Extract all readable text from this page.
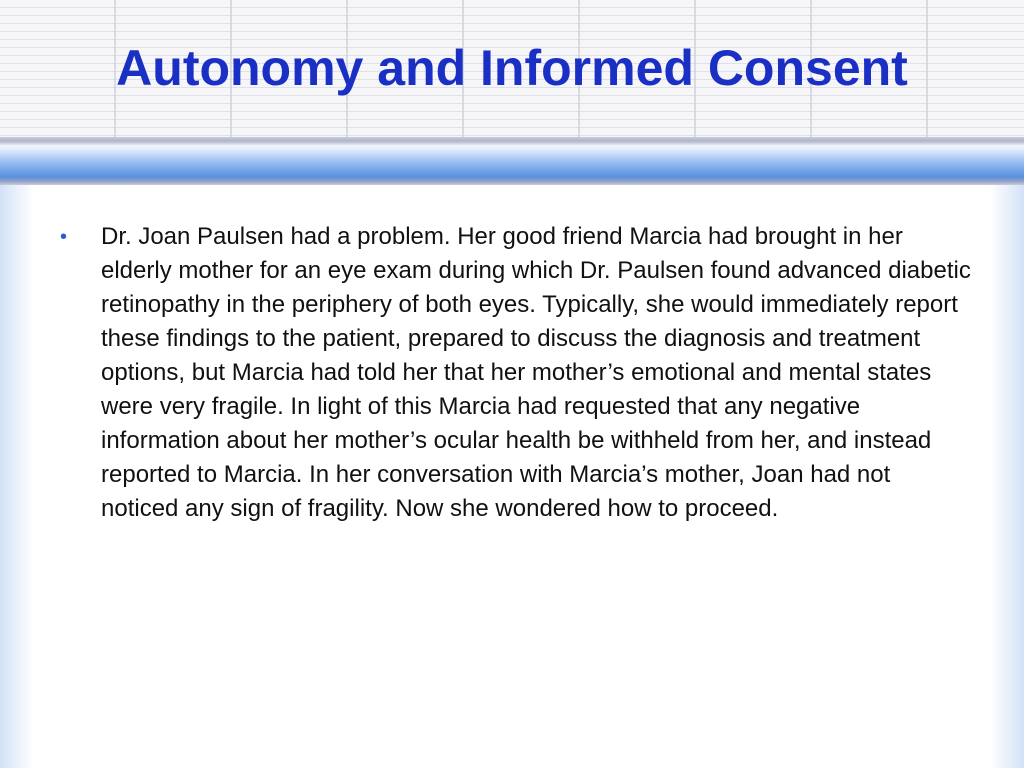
Autonomy and Informed Consent
•	Dr. Joan Paulsen had a problem. Her good friend Marcia had brought in her elderly mother for an eye exam during which Dr. Paulsen found advanced diabetic retinopathy in the periphery of both eyes. Typically, she would immediately report these findings to the patient, prepared to discuss the diagnosis and treatment options, but Marcia had told her that her mother’s emotional and mental states were very fragile. In light of this Marcia had requested that any negative information about her mother’s ocular health be withheld from her, and instead reported to Marcia. In her conversation with Marcia’s mother, Joan had not noticed any sign of fragility. Now she wondered how to proceed.
